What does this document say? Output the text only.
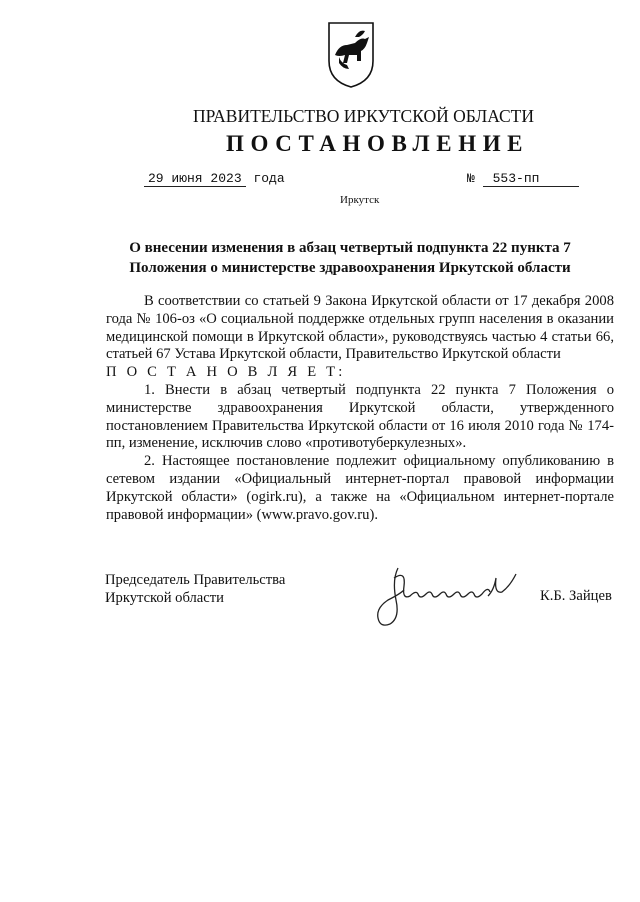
ПРАВИТЕЛЬСТВО ИРКУТСКОЙ ОБЛАСТИ
ПОСТАНОВЛЕНИЕ
29 июня 2023 года	№ 553-пп
Иркутск
О внесении изменения в абзац четвертый подпункта 22 пункта 7
Положения о министерстве здравоохранения Иркутской области

В соответствии со статьей 9 Закона Иркутской области от 17 декабря 2008 года № 106-оз «О социальной поддержке отдельных групп населения в оказании медицинской помощи в Иркутской области», руководствуясь частью 4 статьи 66, статьей 67 Устава Иркутской области, Правительство Иркутской области

П О С Т А Н О В Л Я Е Т:

1. Внести в абзац четвертый подпункта 22 пункта 7 Положения о министерстве здравоохранения Иркутской области, утвержденного постановлением Правительства Иркутской области от 16 июля 2010 года № 174-пп, изменение, исключив слово «противотуберкулезных».

2. Настоящее постановление подлежит официальному опубликованию в сетевом издании «Официальный интернет-портал правовой информации Иркутской области» (ogirk.ru), а также на «Официальном интернет-портале правовой информации» (www.pravo.gov.ru).

Председатель Правительства
Иркутской области	К.Б. Зайцев
